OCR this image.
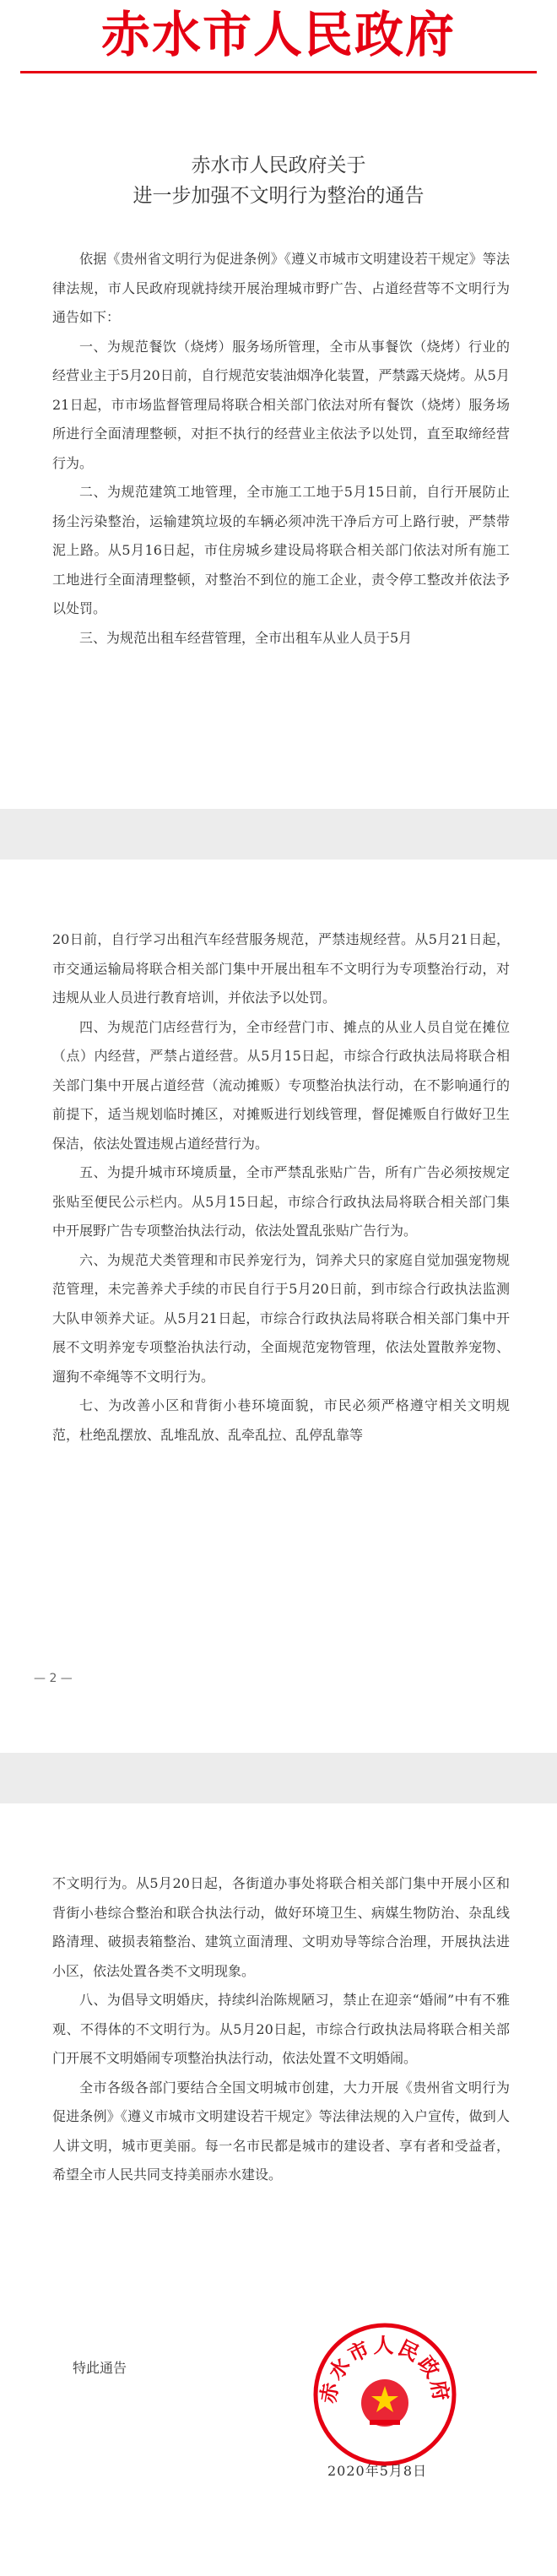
赤水市人民政府
赤水市人民政府关于
进一步加强不文明行为整治的通告

依据《贵州省文明行为促进条例》《遵义市城市文明建设若干规定》等法律法规，市人民政府现就持续开展治理城市野广告、占道经营等不文明行为通告如下：

一、为规范餐饮（烧烤）服务场所管理，全市从事餐饮（烧烤）行业的经营业主于5月20日前，自行规范安装油烟净化装置，严禁露天烧烤。从5月21日起，市市场监督管理局将联合相关部门依法对所有餐饮（烧烤）服务场所进行全面清理整顿，对拒不执行的经营业主依法予以处罚，直至取缔经营行为。

二、为规范建筑工地管理，全市施工工地于5月15日前，自行开展防止扬尘污染整治，运输建筑垃圾的车辆必须冲洗干净后方可上路行驶，严禁带泥上路。从5月16日起，市住房城乡建设局将联合相关部门依法对所有施工工地进行全面清理整顿，对整治不到位的施工企业，责令停工整改并依法予以处罚。

三、为规范出租车经营管理，全市出租车从业人员于5月

20日前，自行学习出租汽车经营服务规范，严禁违规经营。从5月21日起，市交通运输局将联合相关部门集中开展出租车不文明行为专项整治行动，对违规从业人员进行教育培训，并依法予以处罚。

四、为规范门店经营行为，全市经营门市、摊点的从业人员自觉在摊位（点）内经营，严禁占道经营。从5月15日起，市综合行政执法局将联合相关部门集中开展占道经营（流动摊贩）专项整治执法行动，在不影响通行的前提下，适当规划临时摊区，对摊贩进行划线管理，督促摊贩自行做好卫生保洁，依法处置违规占道经营行为。

五、为提升城市环境质量，全市严禁乱张贴广告，所有广告必须按规定张贴至便民公示栏内。从5月15日起，市综合行政执法局将联合相关部门集中开展野广告专项整治执法行动，依法处置乱张贴广告行为。

六、为规范犬类管理和市民养宠行为，饲养犬只的家庭自觉加强宠物规范管理，未完善养犬手续的市民自行于5月20日前，到市综合行政执法监测大队申领养犬证。从5月21日起，市综合行政执法局将联合相关部门集中开展不文明养宠专项整治执法行动，全面规范宠物管理，依法处置散养宠物、遛狗不牵绳等不文明行为。

七、为改善小区和背街小巷环境面貌，市民必须严格遵守相关文明规范，杜绝乱摆放、乱堆乱放、乱牵乱拉、乱停乱靠等

— 2 —

不文明行为。从5月20日起，各街道办事处将联合相关部门集中开展小区和背街小巷综合整治和联合执法行动，做好环境卫生、病媒生物防治、杂乱线路清理、破损表箱整治、建筑立面清理、文明劝导等综合治理，开展执法进小区，依法处置各类不文明现象。

八、为倡导文明婚庆，持续纠治陈规陋习，禁止在迎亲“婚闹”中有不雅观、不得体的不文明行为。从5月20日起，市综合行政执法局将联合相关部门开展不文明婚闹专项整治执法行动，依法处置不文明婚闹。

全市各级各部门要结合全国文明城市创建，大力开展《贵州省文明行为促进条例》《遵义市城市文明建设若干规定》等法律法规的入户宣传，做到人人讲文明，城市更美丽。每一名市民都是城市的建设者、享有者和受益者，希望全市人民共同支持美丽赤水建设。

特此通告
赤水市人民政府
2020年5月8日
